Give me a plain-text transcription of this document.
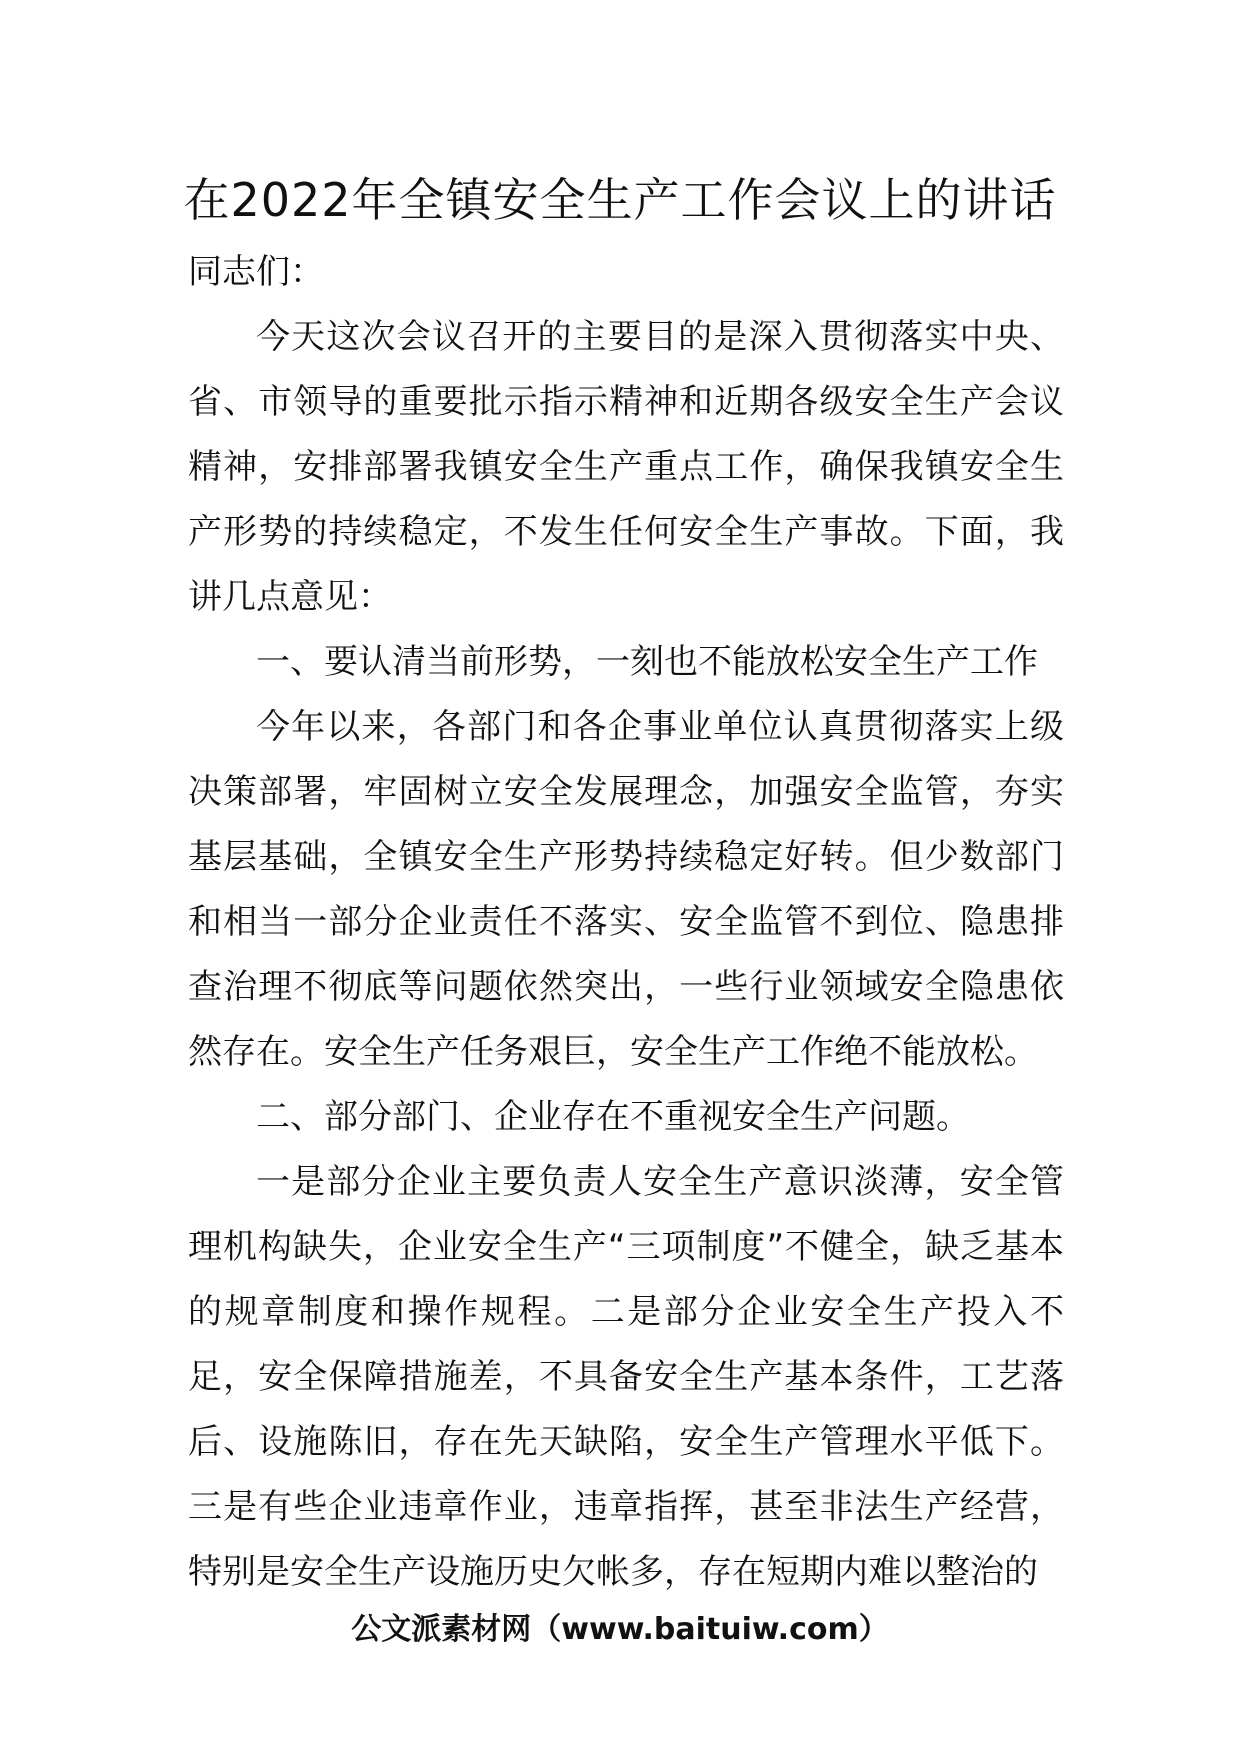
在2022年全镇安全生产工作会议上的讲话

同志们：

今天这次会议召开的主要目的是深入贯彻落实中央、省、市领导的重要批示指示精神和近期各级安全生产会议精神，安排部署我镇安全生产重点工作，确保我镇安全生产形势的持续稳定，不发生任何安全生产事故。下面，我讲几点意见：

一、要认清当前形势，一刻也不能放松安全生产工作

今年以来，各部门和各企事业单位认真贯彻落实上级决策部署，牢固树立安全发展理念，加强安全监管，夯实基层基础，全镇安全生产形势持续稳定好转。但少数部门和相当一部分企业责任不落实、安全监管不到位、隐患排查治理不彻底等问题依然突出，一些行业领域安全隐患依然存在。安全生产任务艰巨，安全生产工作绝不能放松。

二、部分部门、企业存在不重视安全生产问题。

一是部分企业主要负责人安全生产意识淡薄，安全管理机构缺失，企业安全生产“三项制度”不健全，缺乏基本的规章制度和操作规程。二是部分企业安全生产投入不足，安全保障措施差，不具备安全生产基本条件，工艺落后、设施陈旧，存在先天缺陷，安全生产管理水平低下。三是有些企业违章作业，违章指挥，甚至非法生产经营，特别是安全生产设施历史欠帐多，存在短期内难以整治的

公文派素材网（www.baituiw.com）
